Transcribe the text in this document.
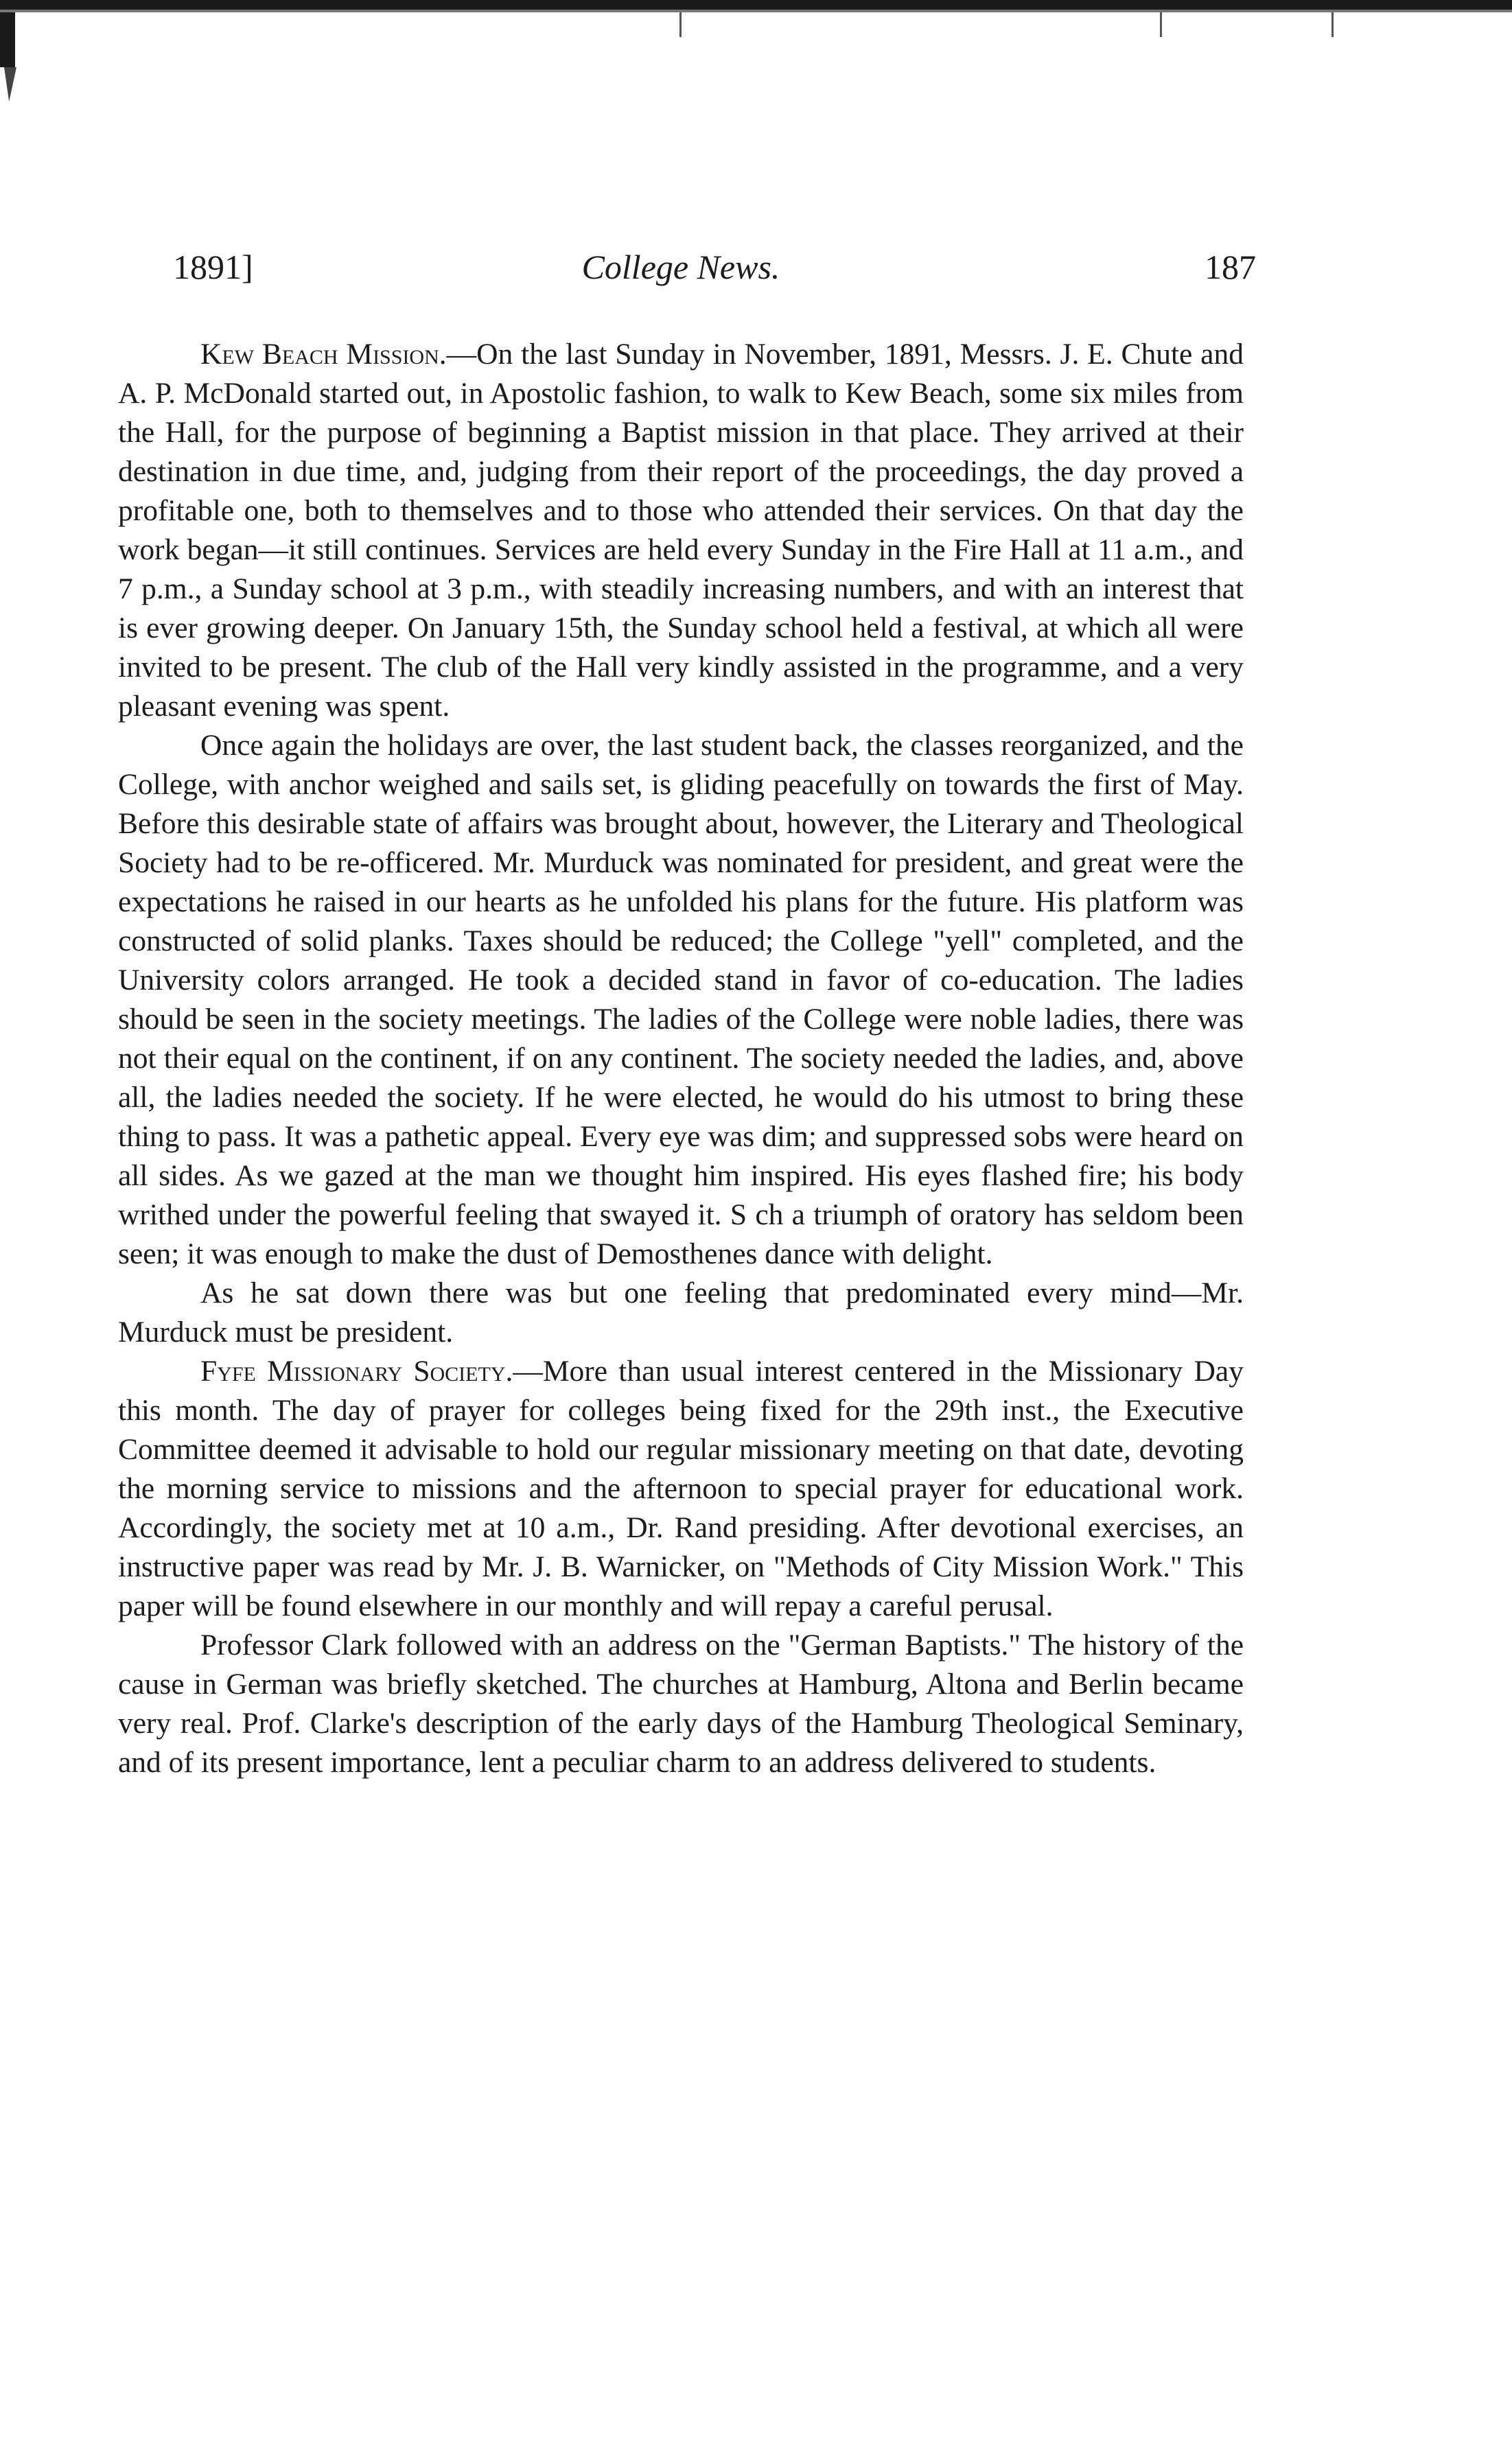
1891]	College News.	187

Kew Beach Mission.—On the last Sunday in November, 1891, Messrs. J. E. Chute and A. P. McDonald started out, in Apostolic fashion, to walk to Kew Beach, some six miles from the Hall, for the purpose of beginning a Baptist mission in that place. They arrived at their destination in due time, and, judging from their report of the proceedings, the day proved a profitable one, both to themselves and to those who attended their services. On that day the work began—it still continues. Services are held every Sunday in the Fire Hall at 11 a.m., and 7 p.m., a Sunday school at 3 p.m., with steadily increasing numbers, and with an interest that is ever growing deeper. On January 15th, the Sunday school held a festival, at which all were invited to be present. The club of the Hall very kindly assisted in the programme, and a very pleasant evening was spent.

Once again the holidays are over, the last student back, the classes reorganized, and the College, with anchor weighed and sails set, is gliding peacefully on towards the first of May. Before this desirable state of affairs was brought about, however, the Literary and Theological Society had to be re-officered. Mr. Murduck was nominated for president, and great were the expectations he raised in our hearts as he unfolded his plans for the future. His platform was constructed of solid planks. Taxes should be reduced; the College "yell" completed, and the University colors arranged. He took a decided stand in favor of co-education. The ladies should be seen in the society meetings. The ladies of the College were noble ladies, there was not their equal on the continent, if on any continent. The society needed the ladies, and, above all, the ladies needed the society. If he were elected, he would do his utmost to bring these thing to pass. It was a pathetic appeal. Every eye was dim; and suppressed sobs were heard on all sides. As we gazed at the man we thought him inspired. His eyes flashed fire; his body writhed under the powerful feeling that swayed it. S ch a triumph of oratory has seldom been seen; it was enough to make the dust of Demosthenes dance with delight.

As he sat down there was but one feeling that predominated every mind—Mr. Murduck must be president.

Fyfe Missionary Society.—More than usual interest centered in the Missionary Day this month. The day of prayer for colleges being fixed for the 29th inst., the Executive Committee deemed it advisable to hold our regular missionary meeting on that date, devoting the morning service to missions and the afternoon to special prayer for educational work. Accordingly, the society met at 10 a.m., Dr. Rand presiding. After devotional exercises, an instructive paper was read by Mr. J. B. Warnicker, on "Methods of City Mission Work." This paper will be found elsewhere in our monthly and will repay a careful perusal.

Professor Clark followed with an address on the "German Baptists." The history of the cause in German was briefly sketched. The churches at Hamburg, Altona and Berlin became very real. Prof. Clarke's description of the early days of the Hamburg Theological Seminary, and of its present importance, lent a peculiar charm to an address delivered to students.
